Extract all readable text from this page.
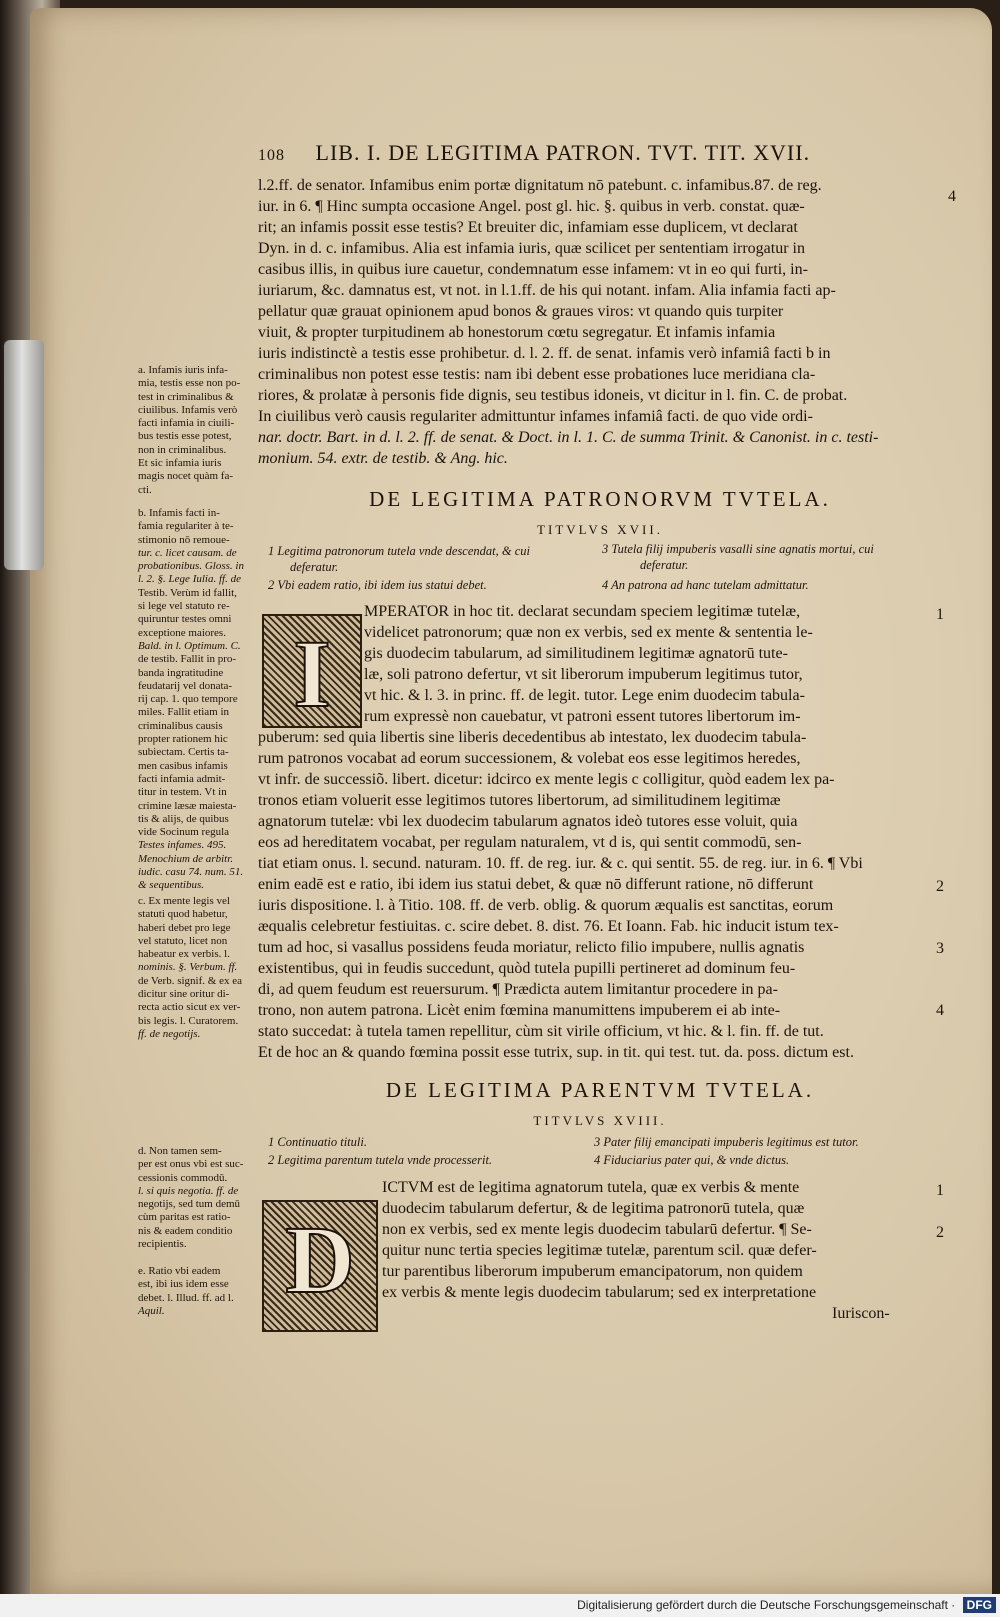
108 LIB. I. DE LEGITIMA PATRON. TVT. TIT. XVII.
l.2.ff. de senator. Infamibus enim portæ dignitatum nō patebunt. c. infamibus.87. de reg.
iur. in 6. ¶ Hinc sumpta occasione Angel. post gl. hic. §. quibus in verb. constat. quæ-
rit; an infamis possit esse testis? Et breuiter dic, infamiam esse duplicem, vt declarat
Dyn. in d. c. infamibus. Alia est infamia iuris, quæ scilicet per sententiam irrogatur in
casibus illis, in quibus iure cauetur, condemnatum esse infamem: vt in eo qui furti, in-
iuriarum, &c. damnatus est, vt not. in l.1.ff. de his qui notant. infam. Alia infamia facti ap-
pellatur quæ grauat opinionem apud bonos & graues viros: vt quando quis turpiter
viuit, & propter turpitudinem ab honestorum cœtu segregatur. Et infamis infamia
iuris indistinctè a testis esse prohibetur. d. l. 2. ff. de senat. infamis verò infamiâ facti b in
criminalibus non potest esse testis: nam ibi debent esse probationes luce meridiana cla-
riores, & prolatæ à personis fide dignis, seu testibus idoneis, vt dicitur in l. fin. C. de probat.
In ciuilibus verò causis regulariter admittuntur infames infamiâ facti. de quo vide ordi-
nar. doctr. Bart. in d. l. 2. ff. de senat. & Doct. in l. 1. C. de summa Trinit. & Canonist. in c. testi-
monium. 54. extr. de testib. & Ang. hic.
a. Infamis iuris infa-
mia, testis esse non po-
test in criminalibus &
ciuilibus. Infamis verò
facti infamia in ciuili-
bus testis esse potest,
non in criminalibus.
Et sic infamia iuris
magis nocet quàm fa-
cti.
b. Infamis facti in-
famia regulariter à te-
stimonio nō remoue-
tur. c. licet causam. de
probationibus. Gloss. in
l. 2. §. Lege Iulia. ff. de
Testib. Verùm id fallit,
si lege vel statuto re-
quiruntur testes omni
exceptione maiores.
Bald. in l. Optimum. C.
de testib. Fallit in pro-
banda ingratitudine
feudatarij vel donata-
rij cap. 1. quo tempore
miles. Fallit etiam in
criminalibus causis
propter rationem hic
subiectam. Certis ta-
men casibus infamis
facti infamia admit-
titur in testem. Vt in
crimine læsæ maiesta-
tis & alijs, de quibus
vide Socinum regula
Testes infames. 495.
Menochium de arbitr.
iudic. casu 74. num. 51.
& sequentibus.
c. Ex mente legis vel
statuti quod habetur,
haberi debet pro lege
vel statuto, licet non
habeatur ex verbis. l.
nominis. §. Verbum. ff.
de Verb. signif. & ex ea
dicitur sine oritur di-
recta actio sicut ex ver-
bis legis. l. Curatorem.
ff. de negotijs.
d. Non tamen sem-
per est onus vbi est suc-
cessionis commodū.
l. si quis negotia. ff. de
negotijs, sed tum demū
cùm paritas est ratio-
nis & eadem conditio
recipientis.
e. Ratio vbi eadem
est, ibi ius idem esse
debet. l. Illud. ff. ad l.
Aquil.
DE LEGITIMA PATRONORVM TVTELA.
TITVLVS XVII.
1 Legitima patronorum tutela vnde descendat, & cui
deferatur.
2 Vbi eadem ratio, ibi idem ius statui debet.
3 Tutela filij impuberis vasalli sine agnatis mortui, cui
deferatur.
4 An patrona ad hanc tutelam admittatur.
I
MPERATOR in hoc tit. declarat secundam speciem legitimæ tutelæ,
videlicet patronorum; quæ non ex verbis, sed ex mente & sententia le-
gis duodecim tabularum, ad similitudinem legitimæ agnatorū tute-
læ, soli patrono defertur, vt sit liberorum impuberum legitimus tutor,
vt hic. & l. 3. in princ. ff. de legit. tutor. Lege enim duodecim tabula-
rum expressè non cauebatur, vt patroni essent tutores libertorum im-
puberum: sed quia libertis sine liberis decedentibus ab intestato, lex duodecim tabula-
rum patronos vocabat ad eorum successionem, & volebat eos esse legitimos heredes,
vt infr. de successiõ. libert. dicetur: idcirco ex mente legis c colligitur, quòd eadem lex pa-
tronos etiam voluerit esse legitimos tutores libertorum, ad similitudinem legitimæ
agnatorum tutelæ: vbi lex duodecim tabularum agnatos ideò tutores esse voluit, quia
eos ad hereditatem vocabat, per regulam naturalem, vt d is, qui sentit commodū, sen-
tiat etiam onus. l. secund. naturam. 10. ff. de reg. iur. & c. qui sentit. 55. de reg. iur. in 6. ¶ Vbi
enim eadē est e ratio, ibi idem ius statui debet, & quæ nō differunt ratione, nō differunt
iuris dispositione. l. à Titio. 108. ff. de verb. oblig. & quorum æqualis est sanctitas, eorum
æqualis celebretur festiuitas. c. scire debet. 8. dist. 76. Et Ioann. Fab. hic inducit istum tex-
tum ad hoc, si vasallus possidens feuda moriatur, relicto filio impubere, nullis agnatis
existentibus, qui in feudis succedunt, quòd tutela pupilli pertineret ad dominum feu-
di, ad quem feudum est reuersurum. ¶ Prædicta autem limitantur procedere in pa-
trono, non autem patrona. Licèt enim fœmina manumittens impuberem ei ab inte-
stato succedat: à tutela tamen repellitur, cùm sit virile officium, vt hic. & l. fin. ff. de tut.
Et de hoc an & quando fœmina possit esse tutrix, sup. in tit. qui test. tut. da. poss. dictum est.
DE LEGITIMA PARENTVM TVTELA.
TITVLVS XVIII.
1 Continuatio tituli.
2 Legitima parentum tutela vnde processerit.
3 Pater filij emancipati impuberis legitimus est tutor.
4 Fiduciarius pater qui, & vnde dictus.
D
ICTVM est de legitima agnatorum tutela, quæ ex verbis & mente
duodecim tabularum defertur, & de legitima patronorū tutela, quæ
non ex verbis, sed ex mente legis duodecim tabularū defertur. ¶ Se-
quitur nunc tertia species legitimæ tutelæ, parentum scil. quæ defer-
tur parentibus liberorum impuberum emancipatorum, non quidem
ex verbis & mente legis duodecim tabularum; sed ex interpretatione
Iuriscon-
4
1
2
3
4
1
2
Digitalisierung gefördert durch die Deutsche Forschungsgemeinschaft · DFG
